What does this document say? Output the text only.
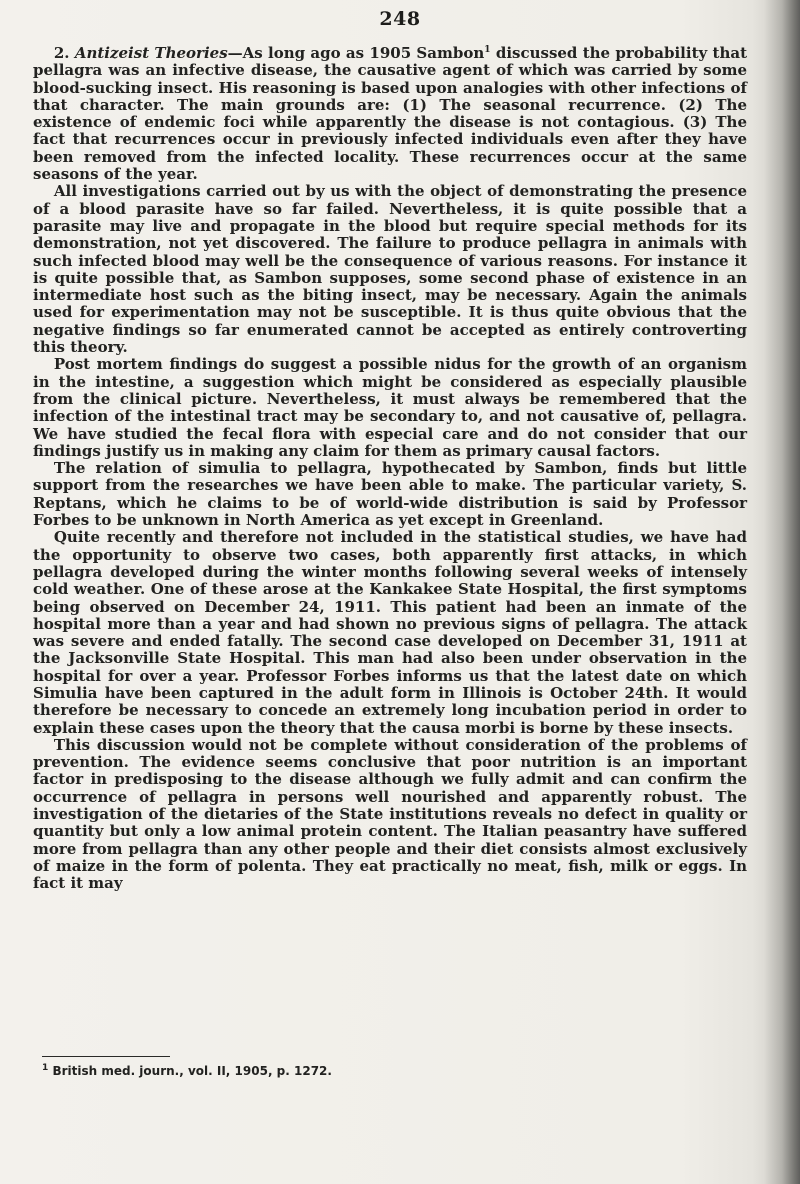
248

2. Antizeist Theories—As long ago as 1905 Sambon$^1$ discussed the probability that pellagra was an infective disease, the causative agent of which was carried by some blood-sucking insect. His reasoning is based upon analogies with other infections of that character. The main grounds are: (1) The seasonal recurrence. (2) The existence of endemic foci while apparently the disease is not contagious. (3) The fact that recurrences occur in previously infected individuals even after they have been removed from the infected locality. These recurrences occur at the same seasons of the year.

All investigations carried out by us with the object of demonstrating the presence of a blood parasite have so far failed. Nevertheless, it is quite possible that a parasite may live and propagate in the blood but require special methods for its demonstration, not yet discovered. The failure to produce pellagra in animals with such infected blood may well be the consequence of various reasons. For instance it is quite possible that, as Sambon supposes, some second phase of existence in an intermediate host such as the biting insect, may be necessary. Again the animals used for experimentation may not be susceptible. It is thus quite obvious that the negative findings so far enumerated cannot be accepted as entirely controverting this theory.

Post mortem findings do suggest a possible nidus for the growth of an organism in the intestine, a suggestion which might be considered as especially plausible from the clinical picture. Nevertheless, it must always be remembered that the infection of the intestinal tract may be secondary to, and not causative of, pellagra. We have studied the fecal flora with especial care and do not consider that our findings justify us in making any claim for them as primary causal factors.

The relation of simulia to pellagra, hypothecated by Sambon, finds but little support from the researches we have been able to make. The particular variety, S. Reptans, which he claims to be of world-wide distribution is said by Professor Forbes to be unknown in North America as yet except in Greenland.

Quite recently and therefore not included in the statistical studies, we have had the opportunity to observe two cases, both apparently first attacks, in which pellagra developed during the winter months following several weeks of intensely cold weather. One of these arose at the Kankakee State Hospital, the first symptoms being observed on December 24, 1911. This patient had been an inmate of the hospital more than a year and had shown no previous signs of pellagra. The attack was severe and ended fatally. The second case developed on December 31, 1911 at the Jacksonville State Hospital. This man had also been under observation in the hospital for over a year. Professor Forbes informs us that the latest date on which Simulia have been captured in the adult form in Illinois is October 24th. It would therefore be necessary to concede an extremely long incubation period in order to explain these cases upon the theory that the causa morbi is borne by these insects.

This discussion would not be complete without consideration of the problems of prevention. The evidence seems conclusive that poor nutrition is an important factor in predisposing to the disease although we fully admit and can confirm the occurrence of pellagra in persons well nourished and apparently robust. The investigation of the dietaries of the State institutions reveals no defect in quality or quantity but only a low animal protein content. The Italian peasantry have suffered more from pellagra than any other people and their diet consists almost exclusively of maize in the form of polenta. They eat practically no meat, fish, milk or eggs. In fact it may

$^1$ British med. journ., vol. II, 1905, p. 1272.
